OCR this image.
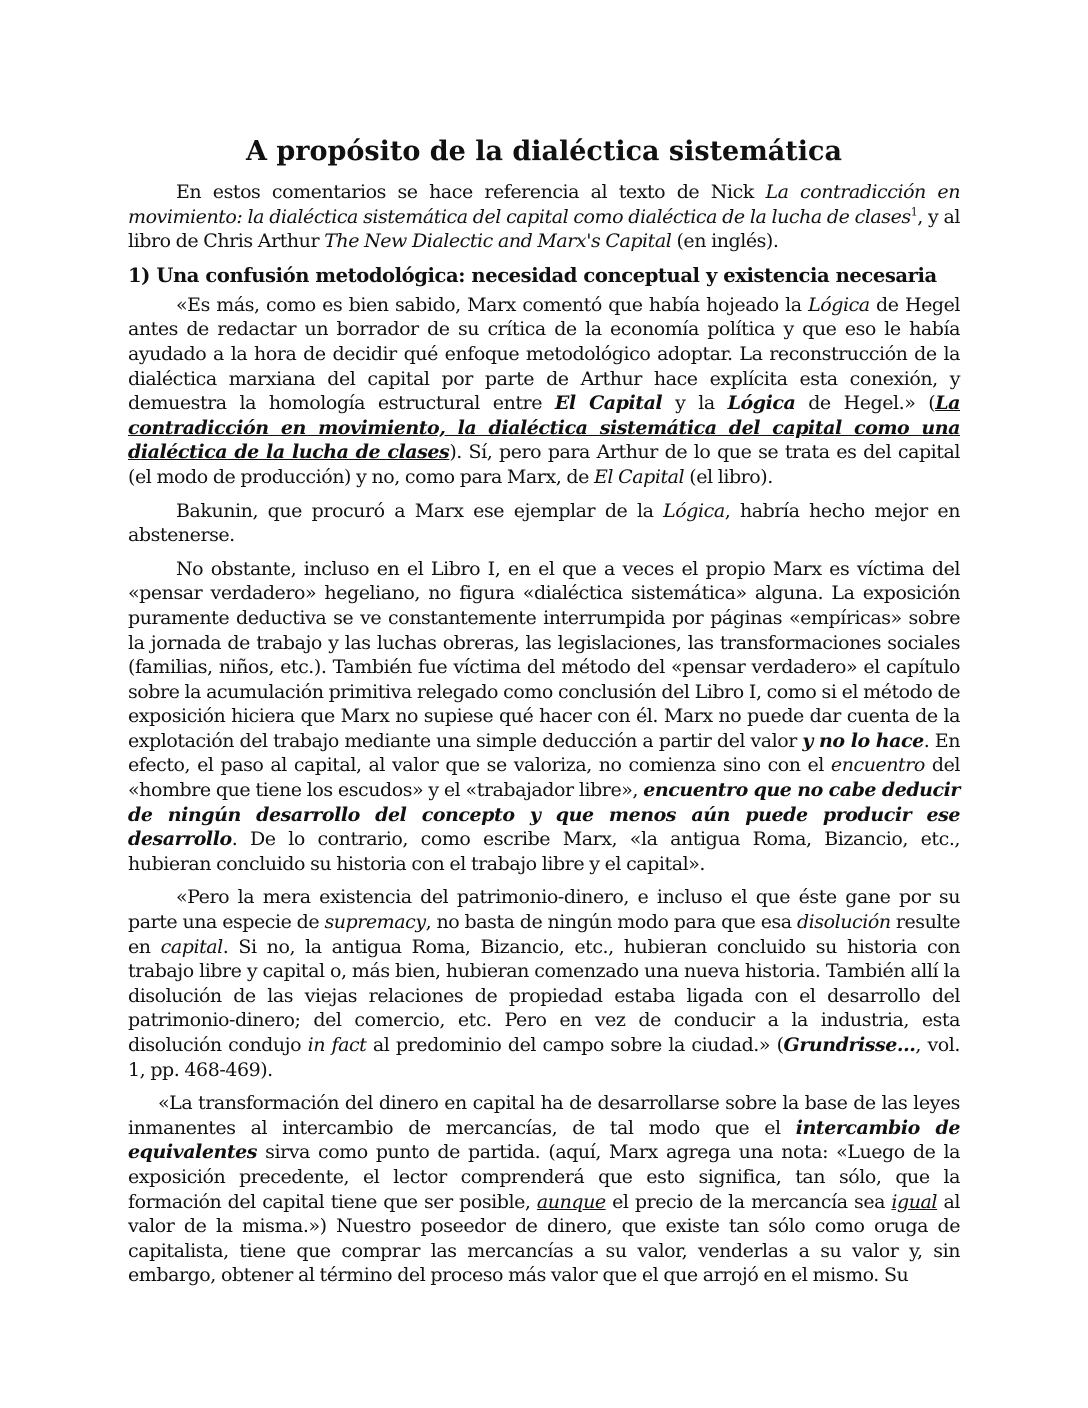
A propósito de la dialéctica sistemática

En estos comentarios se hace referencia al texto de Nick La contradicción en movimiento: la dialéctica sistemática del capital como dialéctica de la lucha de clases$^1$, y al libro de Chris Arthur The New Dialectic and Marx's Capital (en inglés).

1) Una confusión metodológica: necesidad conceptual y existencia necesaria

«Es más, como es bien sabido, Marx comentó que había hojeado la Lógica de Hegel antes de redactar un borrador de su crítica de la economía política y que eso le había ayudado a la hora de decidir qué enfoque metodológico adoptar. La reconstrucción de la dialéctica marxiana del capital por parte de Arthur hace explícita esta conexión, y demuestra la homología estructural entre El Capital y la Lógica de Hegel.» (La contradicción en movimiento, la dialéctica sistemática del capital como una dialéctica de la lucha de clases). Sí, pero para Arthur de lo que se trata es del capital (el modo de producción) y no, como para Marx, de El Capital (el libro).

Bakunin, que procuró a Marx ese ejemplar de la Lógica, habría hecho mejor en abstenerse.

No obstante, incluso en el Libro I, en el que a veces el propio Marx es víctima del «pensar verdadero» hegeliano, no figura «dialéctica sistemática» alguna. La exposición puramente deductiva se ve constantemente interrumpida por páginas «empíricas» sobre la jornada de trabajo y las luchas obreras, las legislaciones, las transformaciones sociales (familias, niños, etc.). También fue víctima del método del «pensar verdadero» el capítulo sobre la acumulación primitiva relegado como conclusión del Libro I, como si el método de exposición hiciera que Marx no supiese qué hacer con él. Marx no puede dar cuenta de la explotación del trabajo mediante una simple deducción a partir del valor y no lo hace. En efecto, el paso al capital, al valor que se valoriza, no comienza sino con el encuentro del «hombre que tiene los escudos» y el «trabajador libre», encuentro que no cabe deducir de ningún desarrollo del concepto y que menos aún puede producir ese desarrollo. De lo contrario, como escribe Marx, «la antigua Roma, Bizancio, etc., hubieran concluido su historia con el trabajo libre y el capital».

«Pero la mera existencia del patrimonio-dinero, e incluso el que éste gane por su parte una especie de supremacy, no basta de ningún modo para que esa disolución resulte en capital. Si no, la antigua Roma, Bizancio, etc., hubieran concluido su historia con trabajo libre y capital o, más bien, hubieran comenzado una nueva historia. También allí la disolución de las viejas relaciones de propiedad estaba ligada con el desarrollo del patrimonio-dinero; del comercio, etc. Pero en vez de conducir a la industria, esta disolución condujo in fact al predominio del campo sobre la ciudad.» (Grundrisse..., vol. 1, pp. 468-469).

«La transformación del dinero en capital ha de desarrollarse sobre la base de las leyes inmanentes al intercambio de mercancías, de tal modo que el intercambio de equivalentes sirva como punto de partida. (aquí, Marx agrega una nota: «Luego de la exposición precedente, el lector comprenderá que esto significa, tan sólo, que la formación del capital tiene que ser posible, aunque el precio de la mercancía sea igual al valor de la misma.») Nuestro poseedor de dinero, que existe tan sólo como oruga de capitalista, tiene que comprar las mercancías a su valor, venderlas a su valor y, sin embargo, obtener al término del proceso más valor que el que arrojó en el mismo. Su
